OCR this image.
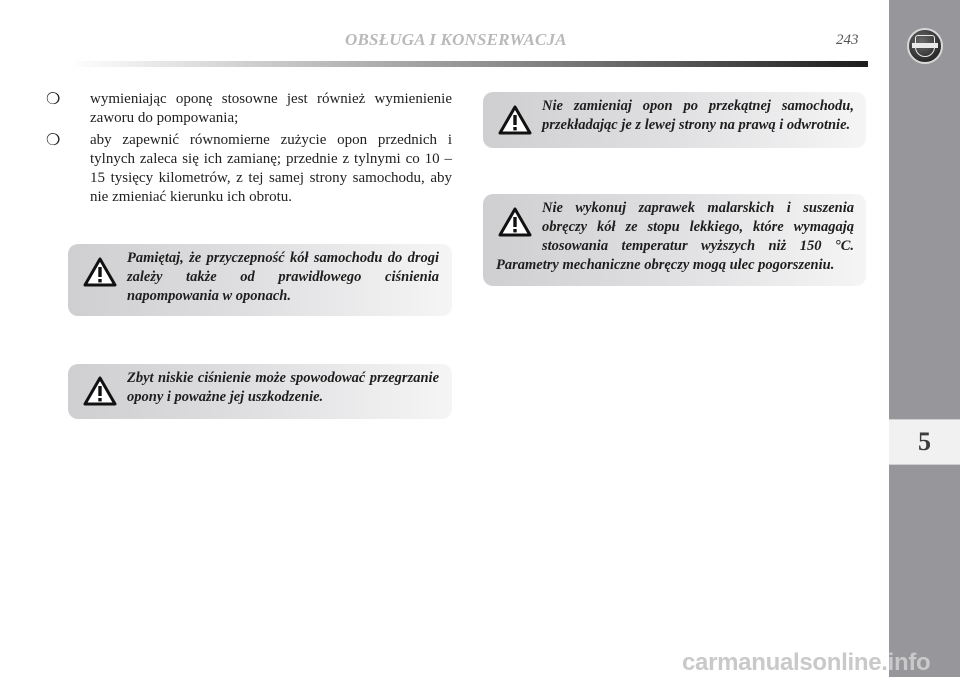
OBSŁUGA I KONSERWACJA	243
5
❍ wymieniając oponę stosowne jest również wymienienie zaworu do pompowania;
❍ aby zapewnić równomierne zużycie opon przednich i tylnych zaleca się ich zamianę; przednie z tylnymi co 10 – 15 tysięcy kilometrów, z tej samej strony samochodu, aby nie zmieniać kierunku ich obrotu.
Pamiętaj, że przyczepność kół samochodu do drogi zależy także od prawidłowego ciśnienia napompowania w oponach.
Zbyt niskie ciśnienie może spowodować przegrzanie opony i poważne jej uszkodzenie.
Nie zamieniaj opon po przekątnej samochodu, przekładając je z lewej strony na prawą i odwrotnie.
Nie wykonuj zaprawek malarskich i suszenia obręczy kół ze stopu lekkiego, które wymagają stosowania temperatur wyższych niż 150 °C. Parametry mechaniczne obręczy mogą ulec pogorszeniu.
carmanualsonline.info
